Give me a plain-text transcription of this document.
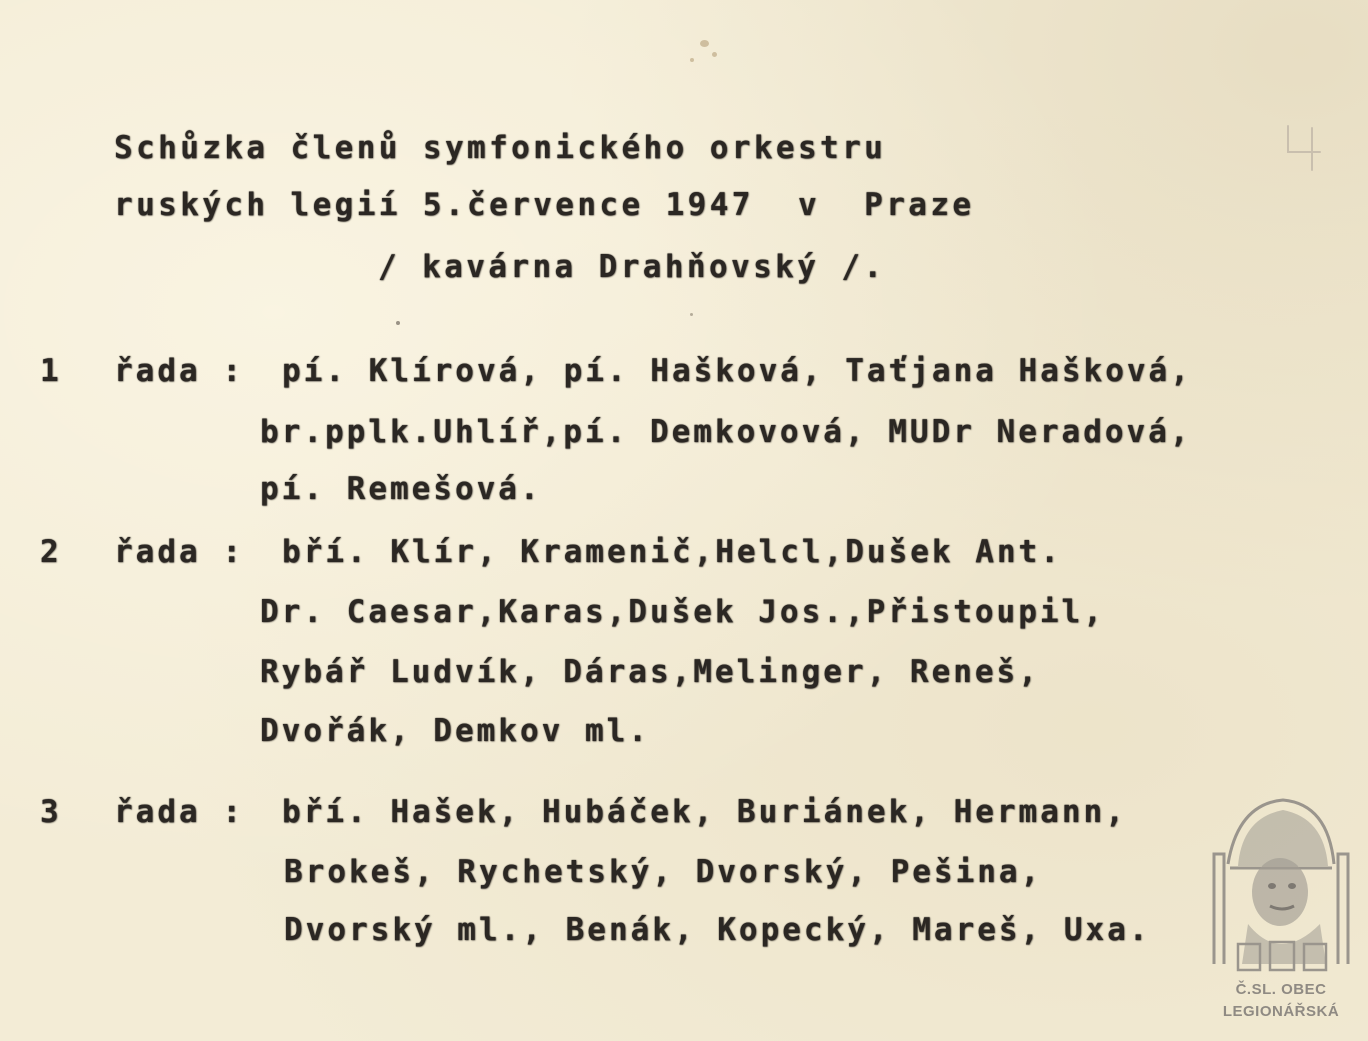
Schůzka členů symfonického orkestru
ruských legií 5.července 1947  v  Praze
/ kavárna Drahňovský /.
1 řada : pí. Klírová, pí. Hašková, Taťjana Hašková,
br.pplk.Uhlíř,pí. Demkovová, MUDr Neradová,
pí. Remešová.
2 řada : bří. Klír, Kramenič,Helcl,Dušek Ant.
Dr. Caesar,Karas,Dušek Jos.,Přistoupil,
Rybář Ludvík, Dáras,Melinger, Reneš,
Dvořák, Demkov ml.
3 řada : bří. Hašek, Hubáček, Buriánek, Hermann,
Brokeš, Rychetský, Dvorský, Pešina,
Dvorský ml., Benák, Kopecký, Mareš, Uxa.
Č.SL. OBEC
LEGIONÁŘSKÁ
